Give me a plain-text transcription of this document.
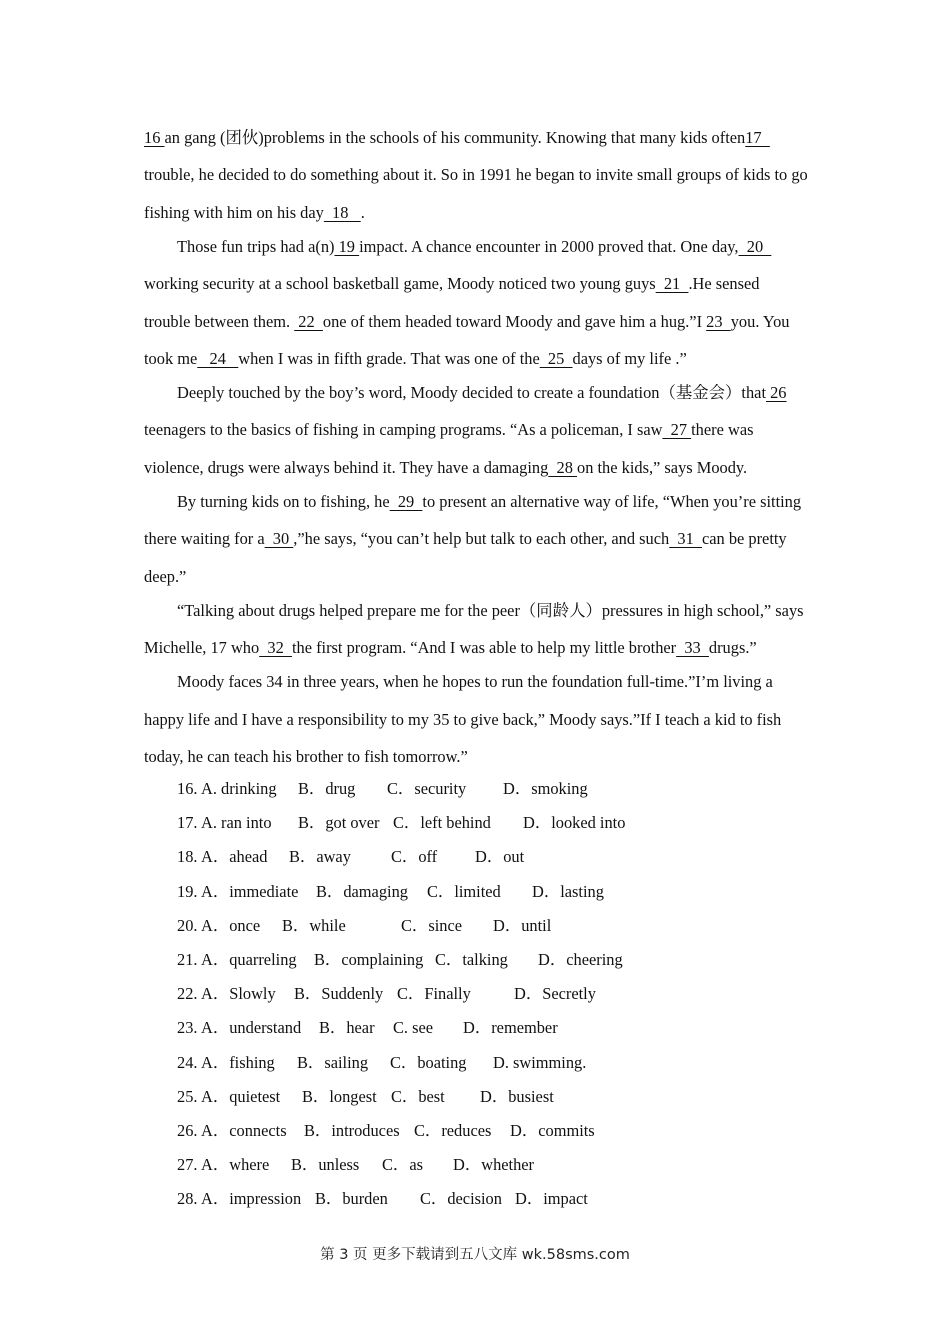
16 an gang (团伙)problems in the schools of his community. Knowing that many kids often17   trouble, he decided to do something about it. So in 1991 he began to invite small groups of kids to go fishing with him on his day  18   .

Those fun trips had a(n) 19 impact. A chance encounter in 2000 proved that. One day,  20   working security at a school basketball game, Moody noticed two young guys  21  .He sensed trouble between them.  22  one of them headed toward Moody and gave him a hug.”I 23  you. You took me   24   when I was in fifth grade. That was one of the  25  days of my life .”

Deeply touched by the boy’s word, Moody decided to create a foundation（基金会）that 26 teenagers to the basics of fishing in camping programs. “As a policeman, I saw  27 there was violence, drugs were always behind it. They have a damaging  28 on the kids,” says Moody.

By turning kids on to fishing, he  29  to present an alternative way of life, “When you’re sitting there waiting for a  30 ,”he says, “you can’t help but talk to each other, and such  31  can be pretty deep.”

“Talking about drugs helped prepare me for the peer（同龄人）pressures in high school,” says Michelle, 17 who  32  the first program. “And I was able to help my little brother  33  drugs.”

Moody faces 34 in three years, when he hopes to run the foundation full-time.”I’m living a happy life and I have a responsibility to my 35 to give back,” Moody says.”If I teach a kid to fish today, he can teach his brother to fish tomorrow.”

16. A. drinking B．drug C．security D．smoking
17. A. ran into B．got over C．left behind D．looked into
18. A．ahead B．away C．off D．out
19. A．immediate B．damaging C．limited D．lasting
20. A．once B．while	C．since D．until
21. A．quarreling B．complaining C．talking D．cheering
22. A．Slowly B．Suddenly C．Finally	D．Secretly
23. A．understand B．hear C. see D．remember
24. A．fishing B．sailing C．boating D. swimming.
25. A．quietest B．longest C．best D．busiest
26. A．connects B．introduces C．reduces D．commits
27. A．where B．unless C．as D．whether
28. A．impression B．burden C．decision D．impact
第 3 页 更多下载请到五八文库 wk.58sms.com
